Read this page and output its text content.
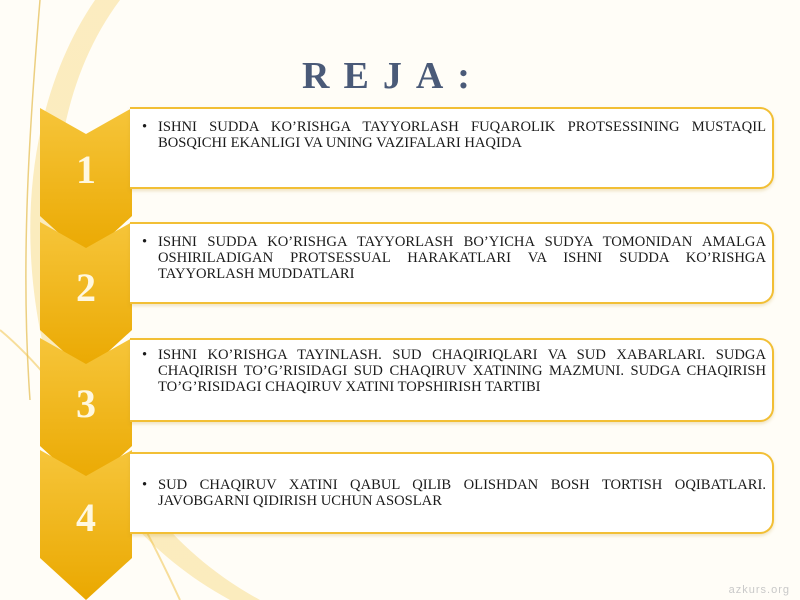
REJA:
1
• ISHNI SUDDA KO’RISHGA TAYYORLASH FUQAROLIK PROTSESSINING MUSTAQIL BOSQICHI EKANLIGI VA UNING VAZIFALARI HAQIDA
2
• ISHNI SUDDA KO’RISHGA TAYYORLASH BO’YICHA SUDYA TOMONIDAN AMALGA OSHIRILADIGAN PROTSESSUAL HARAKATLARI VA ISHNI SUDDA KO’RISHGA TAYYORLASH MUDDATLARI
3
• ISHNI KO’RISHGA TAYINLASH. SUD CHAQIRIQLARI VA SUD XABARLARI. SUDGA CHAQIRISH TO’G’RISIDAGI SUD CHAQIRUV XATINING MAZMUNI. SUDGA CHAQIRISH TO’G’RISIDAGI CHAQIRUV XATINI TOPSHIRISH TARTIBI
4
• SUD CHAQIRUV XATINI QABUL QILIB OLISHDAN BOSH TORTISH OQIBATLARI. JAVOBGARNI QIDIRISH UCHUN ASOSLAR
azkurs.org
